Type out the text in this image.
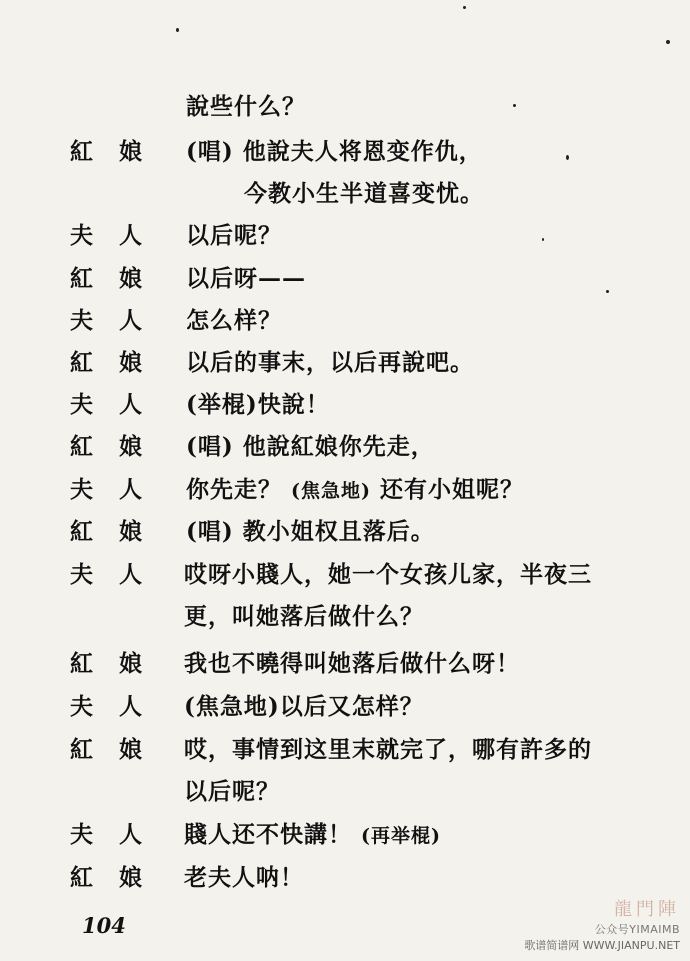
說些什么？
紅娘 (唱) 他說夫人将恩变作仇，
今教小生半道喜变忧。
夫人 以后呢？
紅娘 以后呀——
夫人 怎么样？
紅娘 以后的事末，以后再說吧。
夫人 (举棍)快說！
紅娘 (唱) 他說紅娘你先走，
夫人 你先走？ (焦急地) 还有小姐呢？
紅娘 (唱) 教小姐权且落后。
夫人 哎呀小賤人，她一个女孩儿家，半夜三
更，叫她落后做什么？
紅娘 我也不曉得叫她落后做什么呀！
夫人 (焦急地)以后又怎样？
紅娘 哎，事情到这里末就完了，哪有許多的
以后呢？
夫人 賤人还不快講！ (再举棍)
紅娘 老夫人呐！
104
龍門陣
公众号YIMAIMB
歌谱简谱网 WWW.JIANPU.NET
